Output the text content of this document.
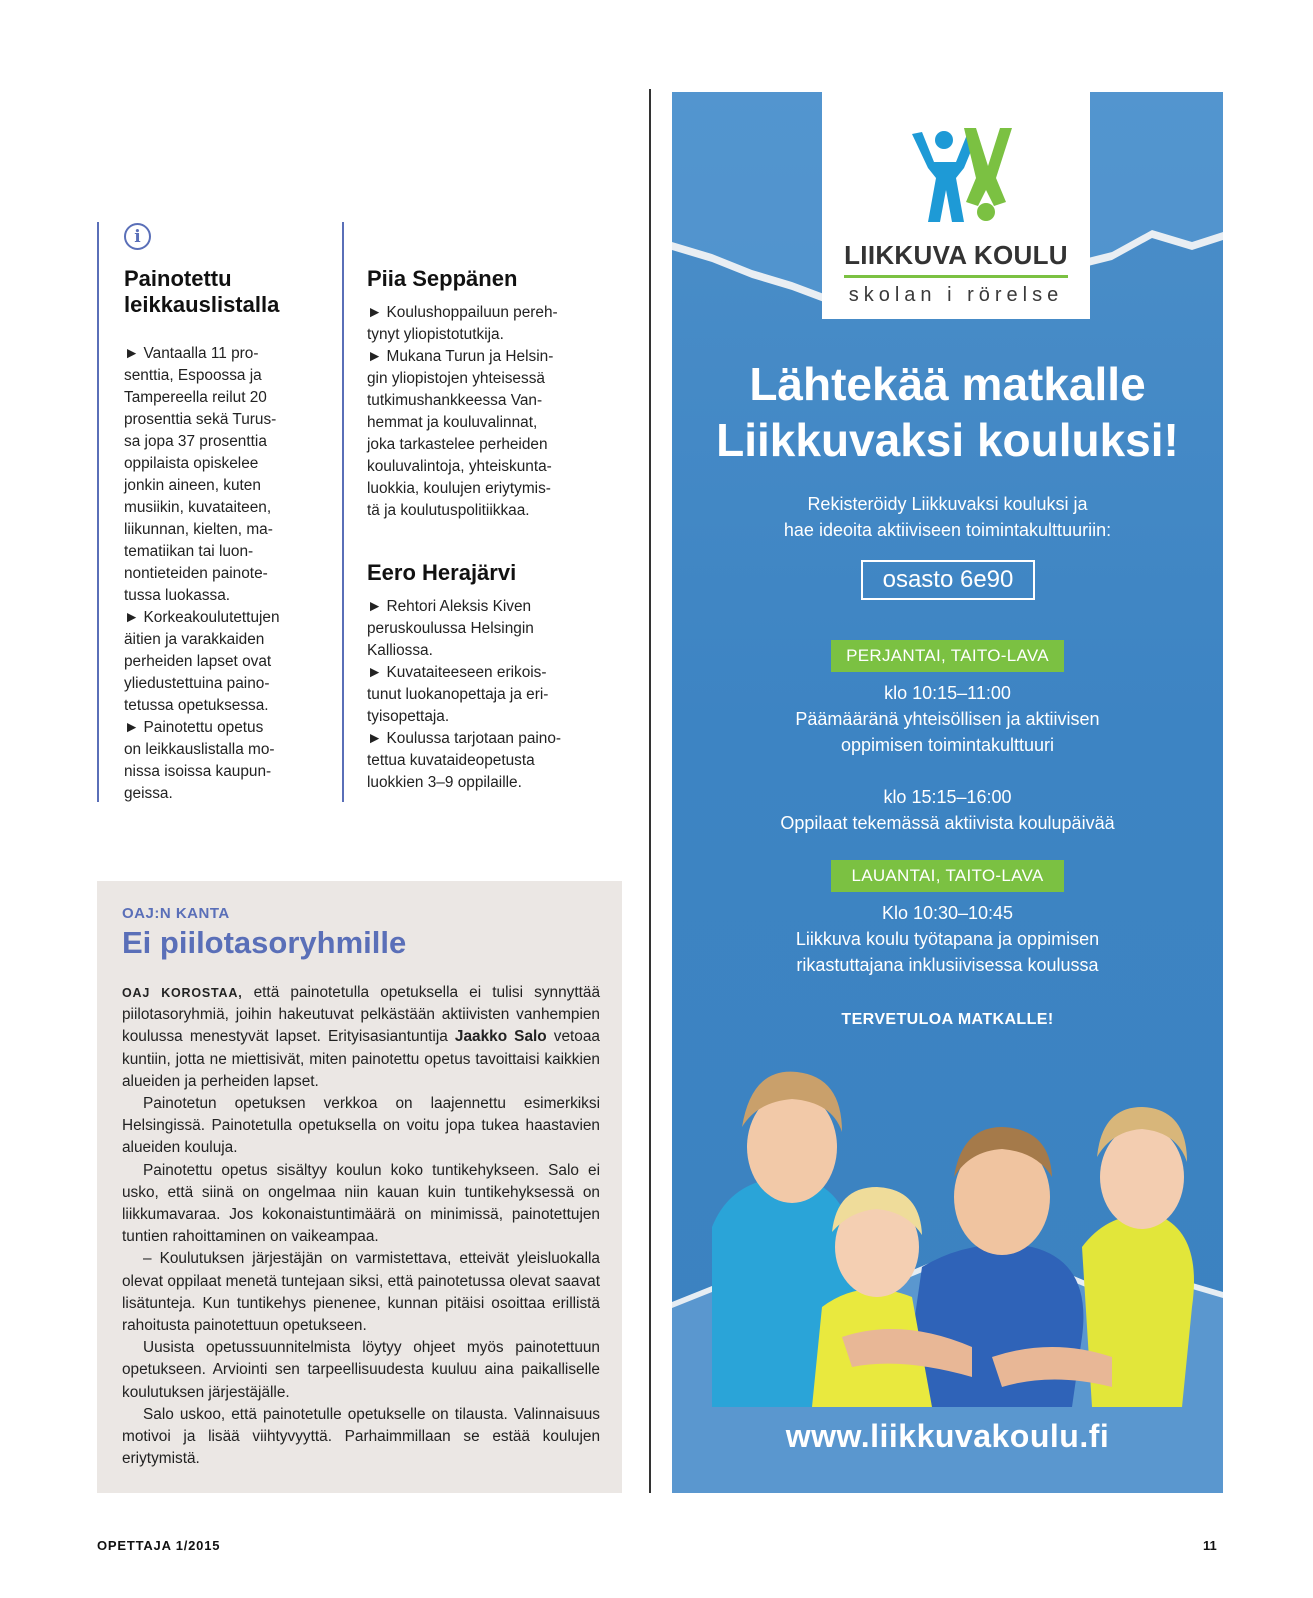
i
Painotettu
leikkauslistalla

► Vantaalla 11 pro-

senttia, Espoossa ja

Tampereella reilut 20

prosenttia sekä Turus-

sa jopa 37 prosenttia

oppilaista opiskelee

jonkin aineen, kuten

musiikin, kuvataiteen,

liikunnan, kielten, ma-

tematiikan tai luon-

nontieteiden painote-

tussa luokassa.

► Korkeakoulutettujen

äitien ja varakkaiden

perheiden lapset ovat

yliedustettuina paino-

tetussa opetuksessa.

► Painotettu opetus

on leikkauslistalla mo-

nissa isoissa kaupun-

geissa.

Piia Seppänen

► Koulushoppailuun pereh-

tynyt yliopistotutkija.

► Mukana Turun ja Helsin-

gin yliopistojen yhteisessä

tutkimushankkeessa Van-

hemmat ja kouluvalinnat,

joka tarkastelee perheiden

kouluvalintoja, yhteiskunta-

luokkia, koulujen eriytymis-

tä ja koulutuspolitiikkaa.

Eero Herajärvi

► Rehtori Aleksis Kiven

peruskoulussa Helsingin

Kalliossa.

► Kuvataiteeseen erikois-

tunut luokanopettaja ja eri-

tyisopettaja.

► Koulussa tarjotaan paino-

tettua kuvataideopetusta

luokkien 3–9 oppilaille.

OAJ:N KANTA
Ei piilotasoryhmille

OAJ KOROSTAA, että painotetulla opetuksella ei tulisi synnyttää piilotasoryhmiä, joihin hakeutuvat pelkästään aktiivisten vanhempien koulussa menestyvät lapset. Erityisasiantuntija Jaakko Salo vetoaa kuntiin, jotta ne miettisivät, miten painotettu opetus tavoittaisi kaikkien alueiden ja perheiden lapset.

Painotetun opetuksen verkkoa on laajennettu esimerkiksi Helsingissä. Painotetulla opetuksella on voitu jopa tukea haastavien alueiden kouluja.

Painotettu opetus sisältyy koulun koko tuntikehykseen. Salo ei usko, että siinä on ongelmaa niin kauan kuin tuntikehyksessä on liikkumavaraa. Jos kokonaistuntimäärä on minimissä, painotettujen tuntien rahoittaminen on vaikeampaa.

– Koulutuksen järjestäjän on varmistettava, etteivät yleisluokalla olevat oppilaat menetä tuntejaan siksi, että painotetussa olevat saavat lisätunteja. Kun tuntikehys pienenee, kunnan pitäisi osoittaa erillistä rahoitusta painotettuun opetukseen.

Uusista opetussuunnitelmista löytyy ohjeet myös painotettuun opetukseen. Arviointi sen tarpeellisuudesta kuuluu aina paikalliselle koulutuksen järjestäjälle.

Salo uskoo, että painotetulle opetukselle on tilausta. Valinnaisuus motivoi ja lisää viihtyvyyttä. Parhaimmillaan se estää koulujen eriytymistä.

LIIKKUVA KOULU
skolan i rörelse
Lähtekää matkalle
Liikkuvaksi kouluksi!
Rekisteröidy Liikkuvaksi kouluksi ja
hae ideoita aktiiviseen toimintakulttuuriin:
osasto 6e90
PERJANTAI, TAITO-LAVA
klo 10:15–11:00
Päämääränä yhteisöllisen ja aktiivisen
oppimisen toimintakulttuuri
klo 15:15–16:00
Oppilaat tekemässä aktiivista koulupäivää
LAUANTAI, TAITO-LAVA
Klo 10:30–10:45
Liikkuva koulu työtapana ja oppimisen
rikastuttajana inklusiivisessa koulussa
TERVETULOA MATKALLE!
www.liikkuvakoulu.fi
OPETTAJA 1/2015	11
